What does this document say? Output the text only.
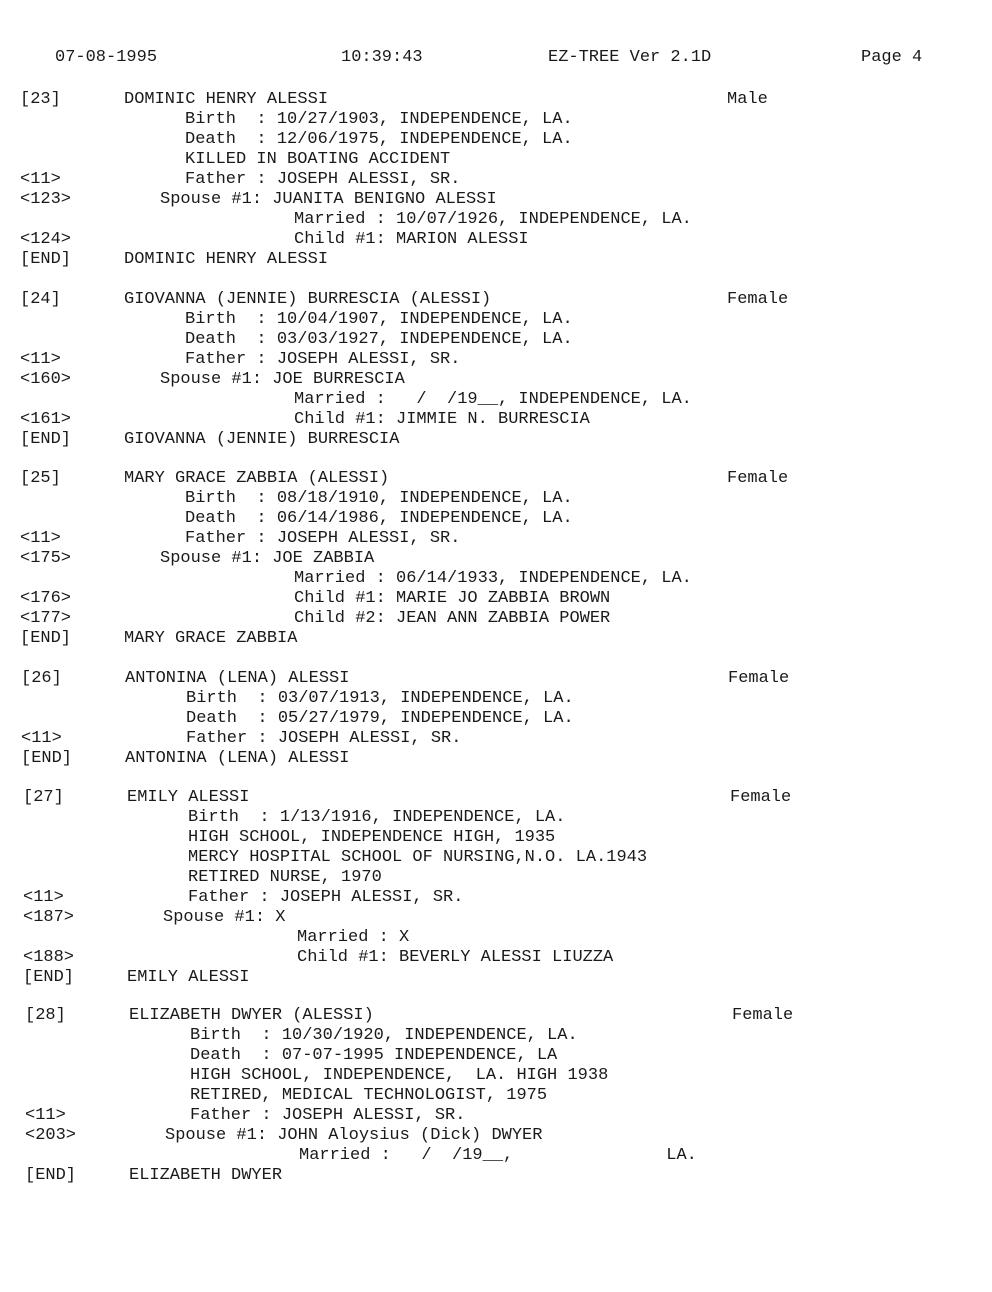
07-08-1995	10:39:43	EZ-TREE Ver 2.1D	Page 4
[23]	DOMINIC HENRY ALESSI	Male
Birth  : 10/27/1903, INDEPENDENCE, LA.
Death  : 12/06/1975, INDEPENDENCE, LA.
KILLED IN BOATING ACCIDENT
<11>	Father : JOSEPH ALESSI, SR.
<123>	Spouse #1: JUANITA BENIGNO ALESSI
Married : 10/07/1926, INDEPENDENCE, LA.
<124>	Child #1: MARION ALESSI
[END]	DOMINIC HENRY ALESSI
[24]	GIOVANNA (JENNIE) BURRESCIA (ALESSI)	Female
Birth  : 10/04/1907, INDEPENDENCE, LA.
Death  : 03/03/1927, INDEPENDENCE, LA.
<11>	Father : JOSEPH ALESSI, SR.
<160>	Spouse #1: JOE BURRESCIA
Married :   /  /19__, INDEPENDENCE, LA.
<161>	Child #1: JIMMIE N. BURRESCIA
[END]	GIOVANNA (JENNIE) BURRESCIA
[25]	MARY GRACE ZABBIA (ALESSI)	Female
Birth  : 08/18/1910, INDEPENDENCE, LA.
Death  : 06/14/1986, INDEPENDENCE, LA.
<11>	Father : JOSEPH ALESSI, SR.
<175>	Spouse #1: JOE ZABBIA
Married : 06/14/1933, INDEPENDENCE, LA.
<176>	Child #1: MARIE JO ZABBIA BROWN
<177>	Child #2: JEAN ANN ZABBIA POWER
[END]	MARY GRACE ZABBIA
[26]	ANTONINA (LENA) ALESSI	Female
Birth  : 03/07/1913, INDEPENDENCE, LA.
Death  : 05/27/1979, INDEPENDENCE, LA.
<11>	Father : JOSEPH ALESSI, SR.
[END]	ANTONINA (LENA) ALESSI
[27]	EMILY ALESSI	Female
Birth  : 1/13/1916, INDEPENDENCE, LA.
HIGH SCHOOL, INDEPENDENCE HIGH, 1935
MERCY HOSPITAL SCHOOL OF NURSING,N.O. LA.1943
RETIRED NURSE, 1970
<11>	Father : JOSEPH ALESSI, SR.
<187>	Spouse #1: X
Married : X
<188>	Child #1: BEVERLY ALESSI LIUZZA
[END]	EMILY ALESSI
[28]	ELIZABETH DWYER (ALESSI)	Female
Birth  : 10/30/1920, INDEPENDENCE, LA.
Death  : 07-07-1995 INDEPENDENCE, LA
HIGH SCHOOL, INDEPENDENCE,  LA. HIGH 1938
RETIRED, MEDICAL TECHNOLOGIST, 1975
<11>	Father : JOSEPH ALESSI, SR.
<203>	Spouse #1: JOHN Aloysius (Dick) DWYER
Married :   /  /19__,               LA.
[END]	ELIZABETH DWYER
